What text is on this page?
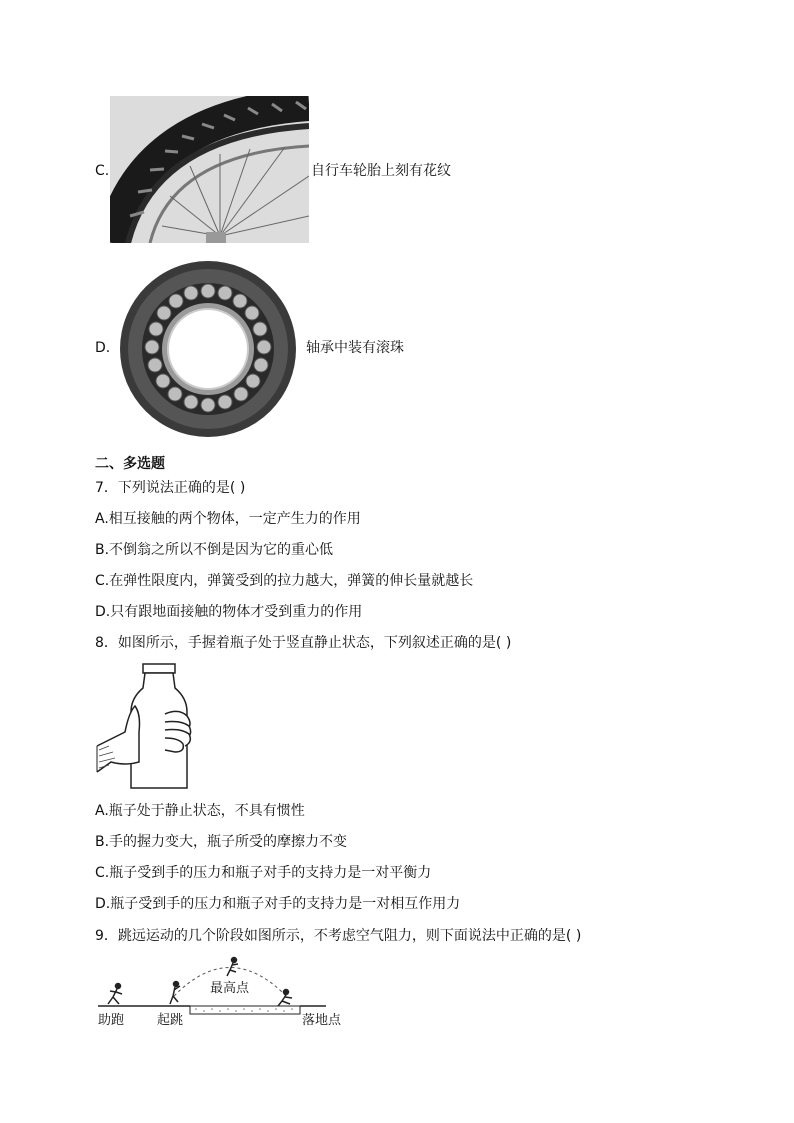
C.	自行车轮胎上刻有花纹
D.	轴承中装有滚珠
二、多选题
7．下列说法正确的是( )
A.相互接触的两个物体，一定产生力的作用
B.不倒翁之所以不倒是因为它的重心低
C.在弹性限度内，弹簧受到的拉力越大，弹簧的伸长量就越长
D.只有跟地面接触的物体才受到重力的作用
8．如图所示，手握着瓶子处于竖直静止状态，下列叙述正确的是( )
A.瓶子处于静止状态，不具有惯性
B.手的握力变大，瓶子所受的摩擦力不变
C.瓶子受到手的压力和瓶子对手的支持力是一对平衡力
D.瓶子受到手的压力和瓶子对手的支持力是一对相互作用力
9．跳远运动的几个阶段如图所示，不考虑空气阻力，则下面说法中正确的是( )
助跑	起跳
最高点
落地点
